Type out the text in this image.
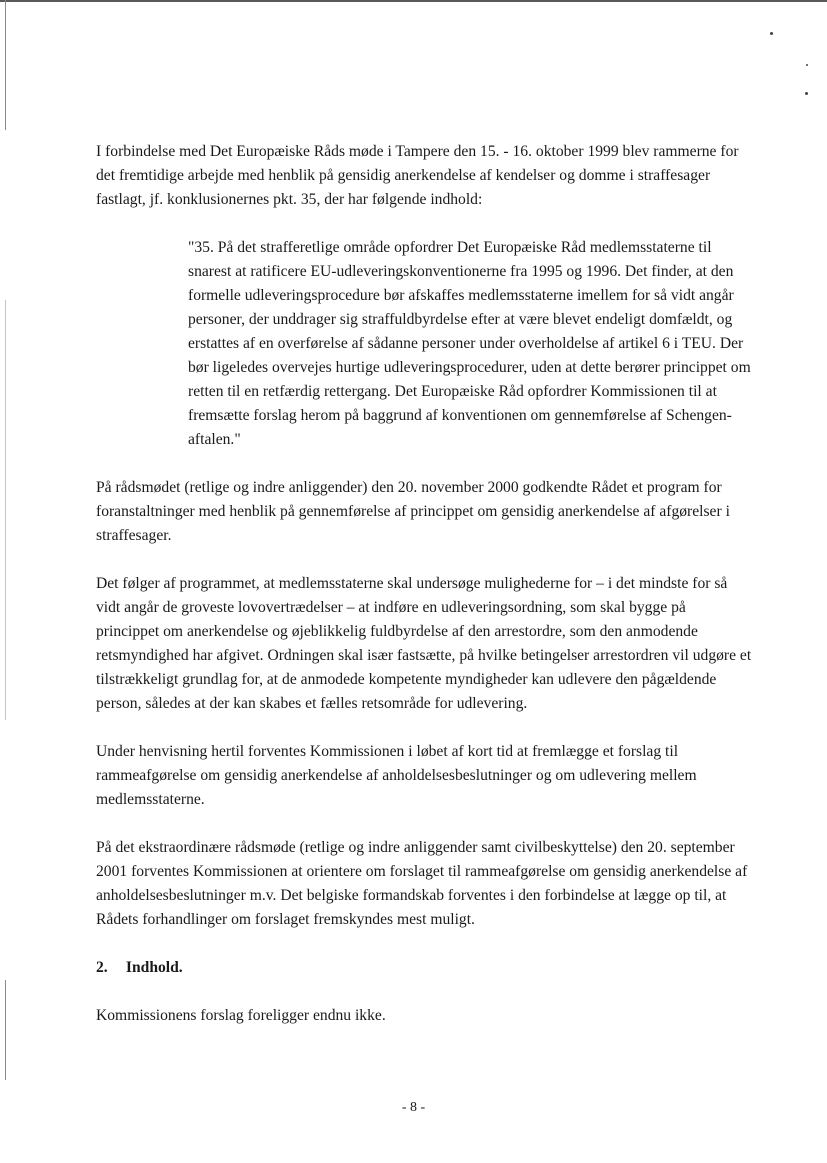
I forbindelse med Det Europæiske Råds møde i Tampere den 15. - 16. oktober 1999 blev rammerne for det fremtidige arbejde med henblik på gensidig anerkendelse af kendelser og domme i straffesager fastlagt, jf. konklusionernes pkt. 35, der har følgende indhold:

"35. På det strafferetlige område opfordrer Det Europæiske Råd medlemsstaterne til snarest at ratificere EU-udleveringskonventionerne fra 1995 og 1996. Det finder, at den formelle udleveringsprocedure bør afskaffes medlemsstaterne imellem for så vidt angår personer, der unddrager sig straffuldbyrdelse efter at være blevet endeligt domfældt, og erstattes af en overførelse af sådanne personer under overholdelse af artikel 6 i TEU. Der bør ligeledes overvejes hurtige udleveringsprocedurer, uden at dette berører princippet om retten til en retfærdig rettergang. Det Europæiske Råd opfordrer Kommissionen til at fremsætte forslag herom på baggrund af konventionen om gennemførelse af Schengen-aftalen."

På rådsmødet (retlige og indre anliggender) den 20. november 2000 godkendte Rådet et program for foranstaltninger med henblik på gennemførelse af princippet om gensidig anerkendelse af afgørelser i straffesager.

Det følger af programmet, at medlemsstaterne skal undersøge mulighederne for – i det mindste for så vidt angår de groveste lovovertrædelser – at indføre en udleveringsordning, som skal bygge på princippet om anerkendelse og øjeblikkelig fuldbyrdelse af den arrestordre, som den anmodende retsmyndighed har afgivet. Ordningen skal især fastsætte, på hvilke betingelser arrestordren vil udgøre et tilstrækkeligt grundlag for, at de anmodede kompetente myndigheder kan udlevere den pågældende person, således at der kan skabes et fælles retsområde for udlevering.

Under henvisning hertil forventes Kommissionen i løbet af kort tid at fremlægge et forslag til rammeafgørelse om gensidig anerkendelse af anholdelsesbeslutninger og om udlevering mellem medlemsstaterne.

På det ekstraordinære rådsmøde (retlige og indre anliggender samt civilbeskyttelse) den 20. september 2001 forventes Kommissionen at orientere om forslaget til rammeafgørelse om gensidig anerkendelse af anholdelsesbeslutninger m.v. Det belgiske formandskab forventes i den forbindelse at lægge op til, at Rådets forhandlinger om forslaget fremskyndes mest muligt.

2. Indhold.

Kommissionens forslag foreligger endnu ikke.

- 8 -
